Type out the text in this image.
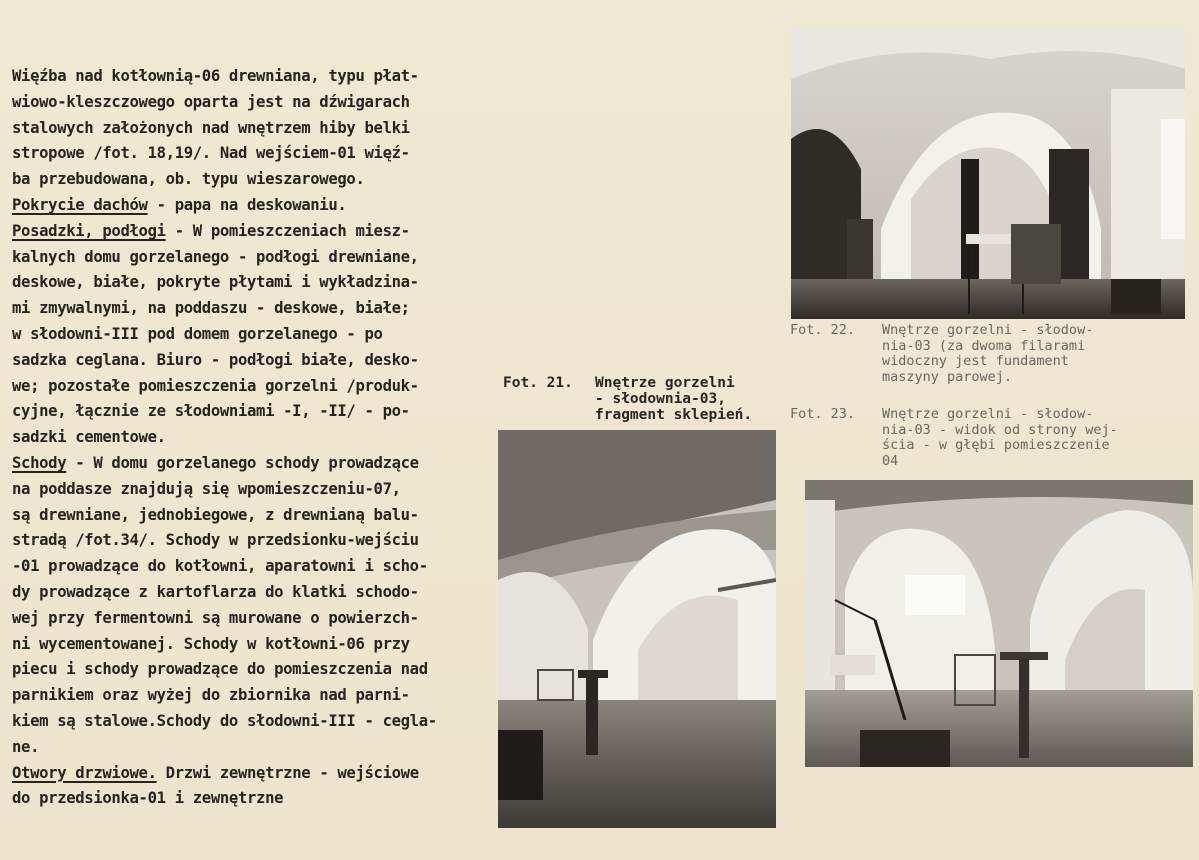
Więźba nad kotłownią-06 drewniana, typu płat-
wiowo-kleszczowego oparta jest na dźwigarach
stalowych założonych nad wnętrzem hiby belki
stropowe /fot. 18,19/. Nad wejściem-01 więź-
ba przebudowana, ob. typu wieszarowego.
Pokrycie dachów - papa na deskowaniu.
Posadzki, podłogi - W pomieszczeniach miesz-
kalnych domu gorzelanego - podłogi drewniane,
deskowe, białe, pokryte płytami i wykładzina-
mi zmywalnymi, na poddaszu - deskowe, białe;
w słodowni-III pod domem gorzelanego - po
sadzka ceglana. Biuro - podłogi białe, desko-
we; pozostałe pomieszczenia gorzelni /produk-
cyjne, łącznie ze słodowniami -I, -II/ - po-
sadzki cementowe.
Schody - W domu gorzelanego schody prowadzące
na poddasze znajdują się wpomieszczeniu-07,
są drewniane, jednobiegowe, z drewnianą balu-
stradą /fot.34/. Schody w przedsionku-wejściu
-01 prowadzące do kotłowni, aparatowni i scho-
dy prowadzące z kartoflarza do klatki schodo-
wej przy fermentowni są murowane o powierzch-
ni wycementowanej. Schody w kotłowni-06 przy
piecu i schody prowadzące do pomieszczenia nad
parnikiem oraz wyżej do zbiornika nad parni-
kiem są stalowe.Schody do słodowni-III - cegla-
ne.
Otwory drzwiowe. Drzwi zewnętrzne - wejściowe
do przedsionka-01 i zewnętrzne
Fot. 21. Wnętrze gorzelni
- słodownia-03,
fragment sklepień.
Fot. 22. Wnętrze gorzelni - słodow-
nia-03 (za dwoma filarami
widoczny jest fundament
maszyny parowej.
Fot. 23. Wnętrze gorzelni - słodow-
nia-03 - widok od strony wej-
ścia - w głębi pomieszczenie
04
